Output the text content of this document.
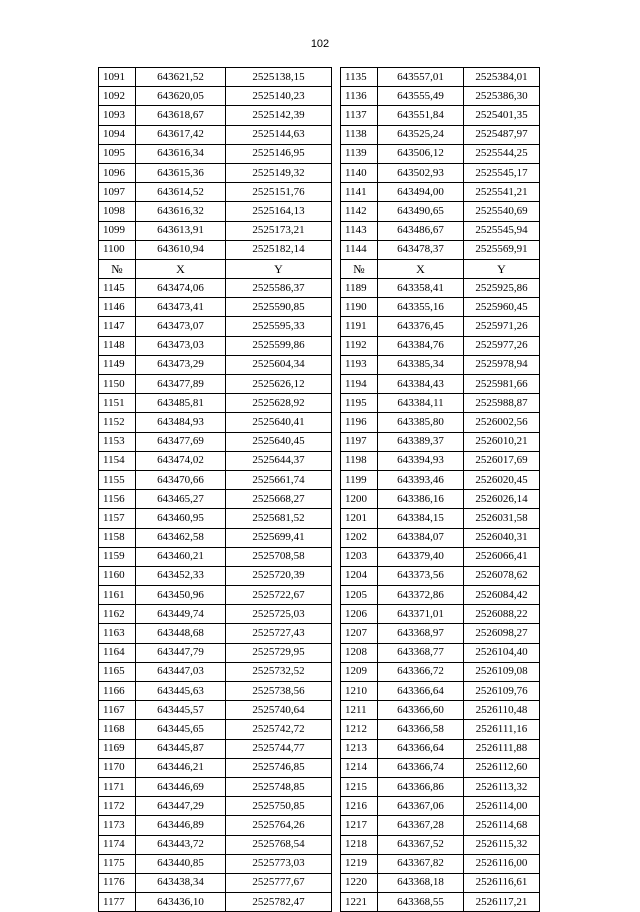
102
1091	643621,52	2525138,15		1135	643557,01	2525384,01
1092	643620,05	2525140,23		1136	643555,49	2525386,30
1093	643618,67	2525142,39		1137	643551,84	2525401,35
1094	643617,42	2525144,63		1138	643525,24	2525487,97
1095	643616,34	2525146,95		1139	643506,12	2525544,25
1096	643615,36	2525149,32		1140	643502,93	2525545,17
1097	643614,52	2525151,76		1141	643494,00	2525541,21
1098	643616,32	2525164,13		1142	643490,65	2525540,69
1099	643613,91	2525173,21		1143	643486,67	2525545,94
1100	643610,94	2525182,14		1144	643478,37	2525569,91
№	X	Y		№	X	Y
1145	643474,06	2525586,37		1189	643358,41	2525925,86
1146	643473,41	2525590,85		1190	643355,16	2525960,45
1147	643473,07	2525595,33		1191	643376,45	2525971,26
1148	643473,03	2525599,86		1192	643384,76	2525977,26
1149	643473,29	2525604,34		1193	643385,34	2525978,94
1150	643477,89	2525626,12		1194	643384,43	2525981,66
1151	643485,81	2525628,92		1195	643384,11	2525988,87
1152	643484,93	2525640,41		1196	643385,80	2526002,56
1153	643477,69	2525640,45		1197	643389,37	2526010,21
1154	643474,02	2525644,37		1198	643394,93	2526017,69
1155	643470,66	2525661,74		1199	643393,46	2526020,45
1156	643465,27	2525668,27		1200	643386,16	2526026,14
1157	643460,95	2525681,52		1201	643384,15	2526031,58
1158	643462,58	2525699,41		1202	643384,07	2526040,31
1159	643460,21	2525708,58		1203	643379,40	2526066,41
1160	643452,33	2525720,39		1204	643373,56	2526078,62
1161	643450,96	2525722,67		1205	643372,86	2526084,42
1162	643449,74	2525725,03		1206	643371,01	2526088,22
1163	643448,68	2525727,43		1207	643368,97	2526098,27
1164	643447,79	2525729,95		1208	643368,77	2526104,40
1165	643447,03	2525732,52		1209	643366,72	2526109,08
1166	643445,63	2525738,56		1210	643366,64	2526109,76
1167	643445,57	2525740,64		1211	643366,60	2526110,48
1168	643445,65	2525742,72		1212	643366,58	2526111,16
1169	643445,87	2525744,77		1213	643366,64	2526111,88
1170	643446,21	2525746,85		1214	643366,74	2526112,60
1171	643446,69	2525748,85		1215	643366,86	2526113,32
1172	643447,29	2525750,85		1216	643367,06	2526114,00
1173	643446,89	2525764,26		1217	643367,28	2526114,68
1174	643443,72	2525768,54		1218	643367,52	2526115,32
1175	643440,85	2525773,03		1219	643367,82	2526116,00
1176	643438,34	2525777,67		1220	643368,18	2526116,61
1177	643436,10	2525782,47		1221	643368,55	2526117,21
